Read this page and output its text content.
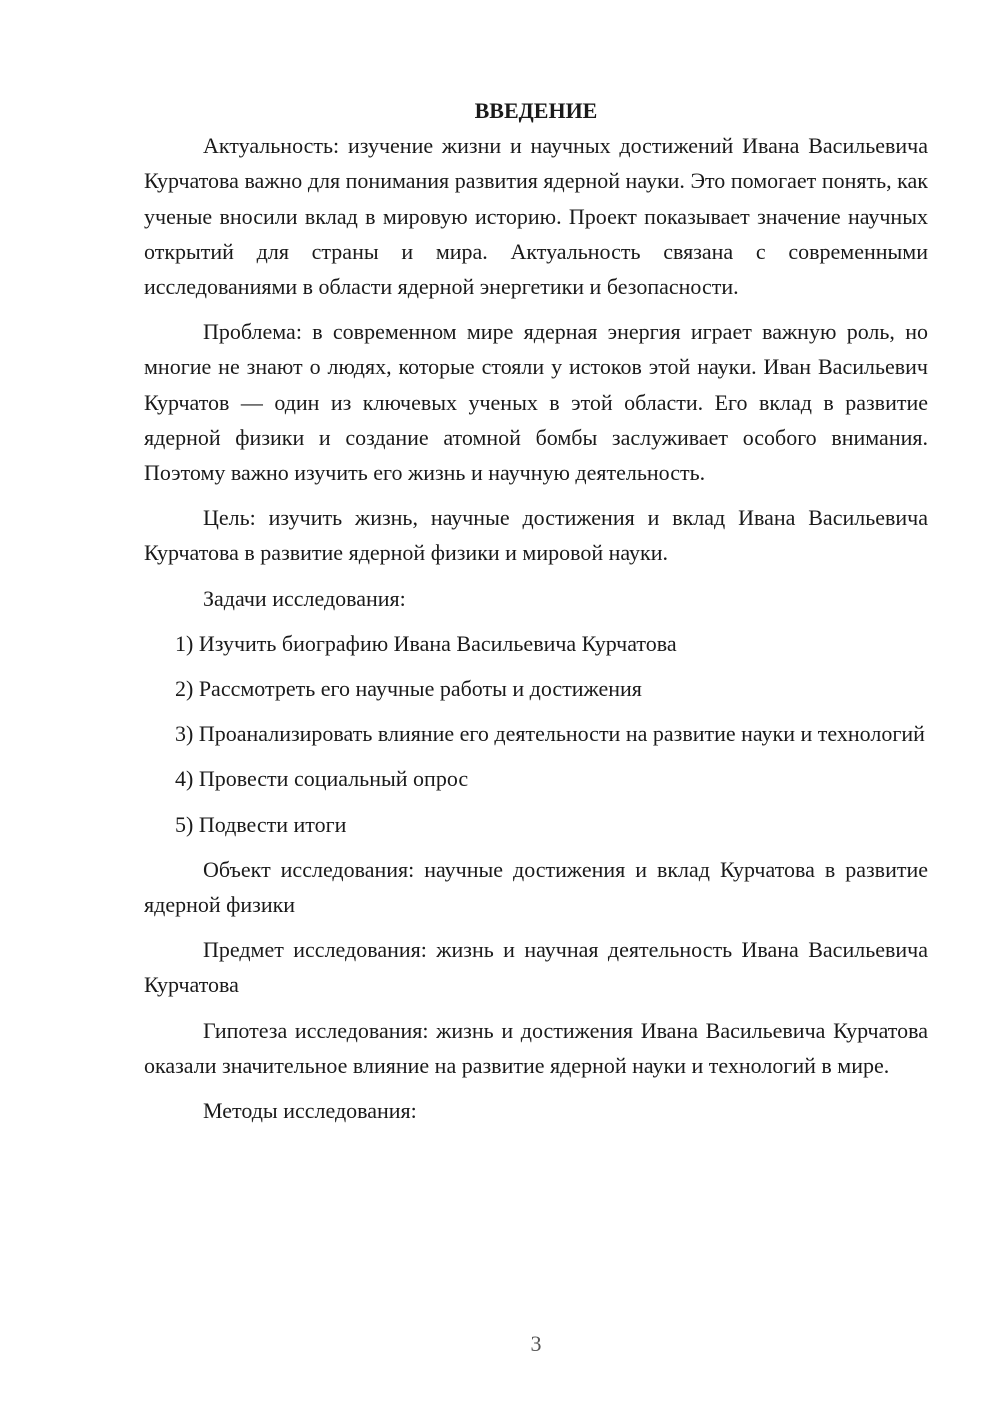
ВВЕДЕНИЕ

Актуальность: изучение жизни и научных достижений Ивана Васильевича Курчатова важно для понимания развития ядерной науки. Это помогает понять, как ученые вносили вклад в мировую историю. Проект показывает значение научных открытий для страны и мира. Актуальность связана с современными исследованиями в области ядерной энергетики и безопасности.

Проблема: в современном мире ядерная энергия играет важную роль, но многие не знают о людях, которые стояли у истоков этой науки. Иван Васильевич Курчатов — один из ключевых ученых в этой области. Его вклад в развитие ядерной физики и создание атомной бомбы заслуживает особого внимания. Поэтому важно изучить его жизнь и научную деятельность.

Цель: изучить жизнь, научные достижения и вклад Ивана Васильевича Курчатова в развитие ядерной физики и мировой науки.

Задачи исследования:

1) Изучить биографию Ивана Васильевича Курчатова

2) Рассмотреть его научные работы и достижения

3) Проанализировать влияние его деятельности на развитие науки и технологий

4) Провести социальный опрос

5) Подвести итоги

Объект исследования: научные достижения и вклад Курчатова в развитие ядерной физики

Предмет исследования: жизнь и научная деятельность Ивана Васильевича Курчатова

Гипотеза исследования: жизнь и достижения Ивана Васильевича Курчатова оказали значительное влияние на развитие ядерной науки и технологий в мире.

Методы исследования:

3
